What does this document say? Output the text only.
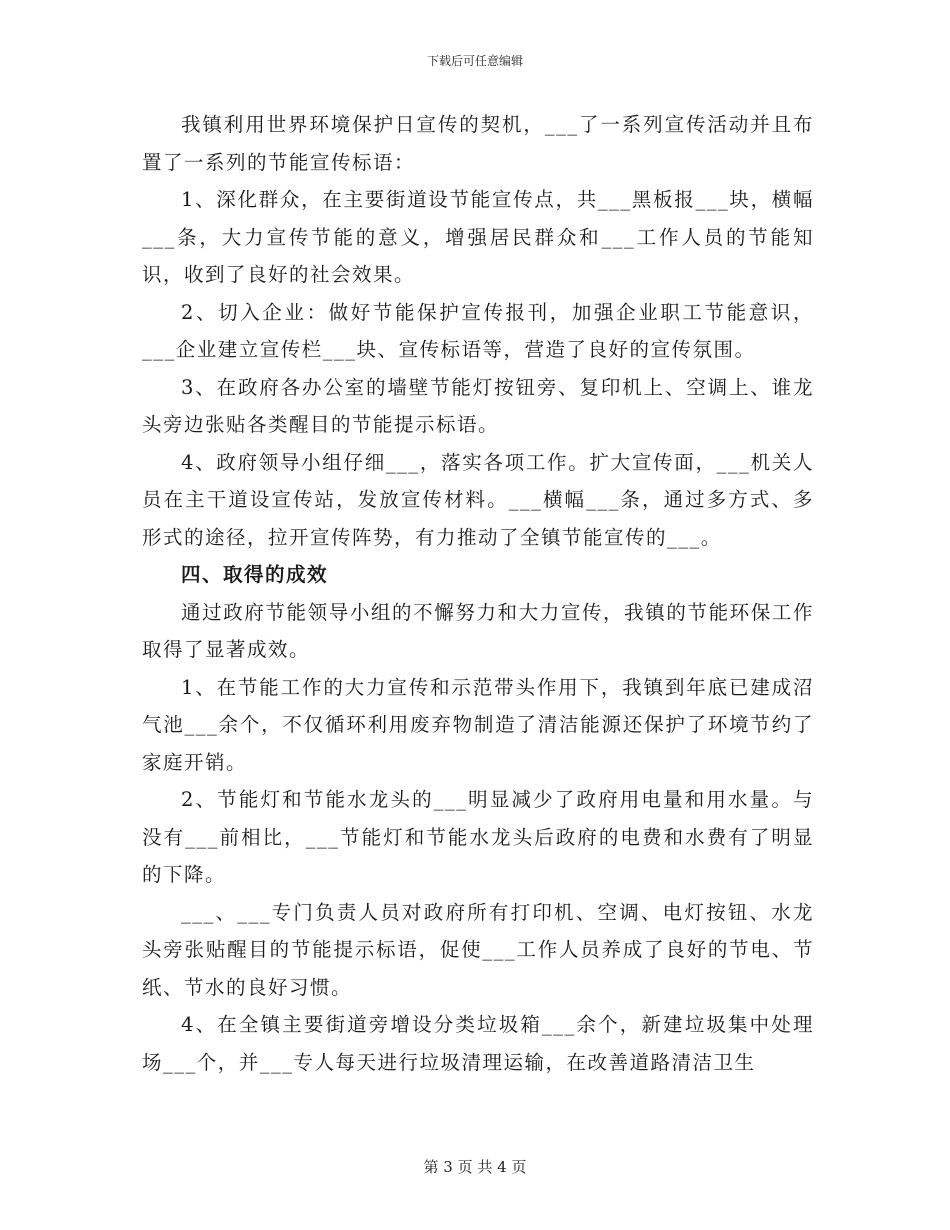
下载后可任意编辑

我镇利用世界环境保护日宣传的契机，___了一系列宣传活动并且布置了一系列的节能宣传标语：

1、深化群众，在主要街道设节能宣传点，共___黑板报___块，横幅___条，大力宣传节能的意义，增强居民群众和___工作人员的节能知识，收到了良好的社会效果。

2、切入企业：做好节能保护宣传报刊，加强企业职工节能意识，___企业建立宣传栏___块、宣传标语等，营造了良好的宣传氛围。

3、在政府各办公室的墙壁节能灯按钮旁、复印机上、空调上、谁龙头旁边张贴各类醒目的节能提示标语。

4、政府领导小组仔细___，落实各项工作。扩大宣传面，___机关人员在主干道设宣传站，发放宣传材料。___横幅___条，通过多方式、多形式的途径，拉开宣传阵势，有力推动了全镇节能宣传的___。

四、取得的成效

通过政府节能领导小组的不懈努力和大力宣传，我镇的节能环保工作取得了显著成效。

1、在节能工作的大力宣传和示范带头作用下，我镇到年底已建成沼气池___余个，不仅循环利用废弃物制造了清洁能源还保护了环境节约了家庭开销。

2、节能灯和节能水龙头的___明显减少了政府用电量和用水量。与没有___前相比，___节能灯和节能水龙头后政府的电费和水费有了明显的下降。

___、___专门负责人员对政府所有打印机、空调、电灯按钮、水龙头旁张贴醒目的节能提示标语，促使___工作人员养成了良好的节电、节纸、节水的良好习惯。

4、在全镇主要街道旁增设分类垃圾箱___余个，新建垃圾集中处理场___个，并___专人每天进行垃圾清理运输，在改善道路清洁卫生

第 3 页 共 4 页
